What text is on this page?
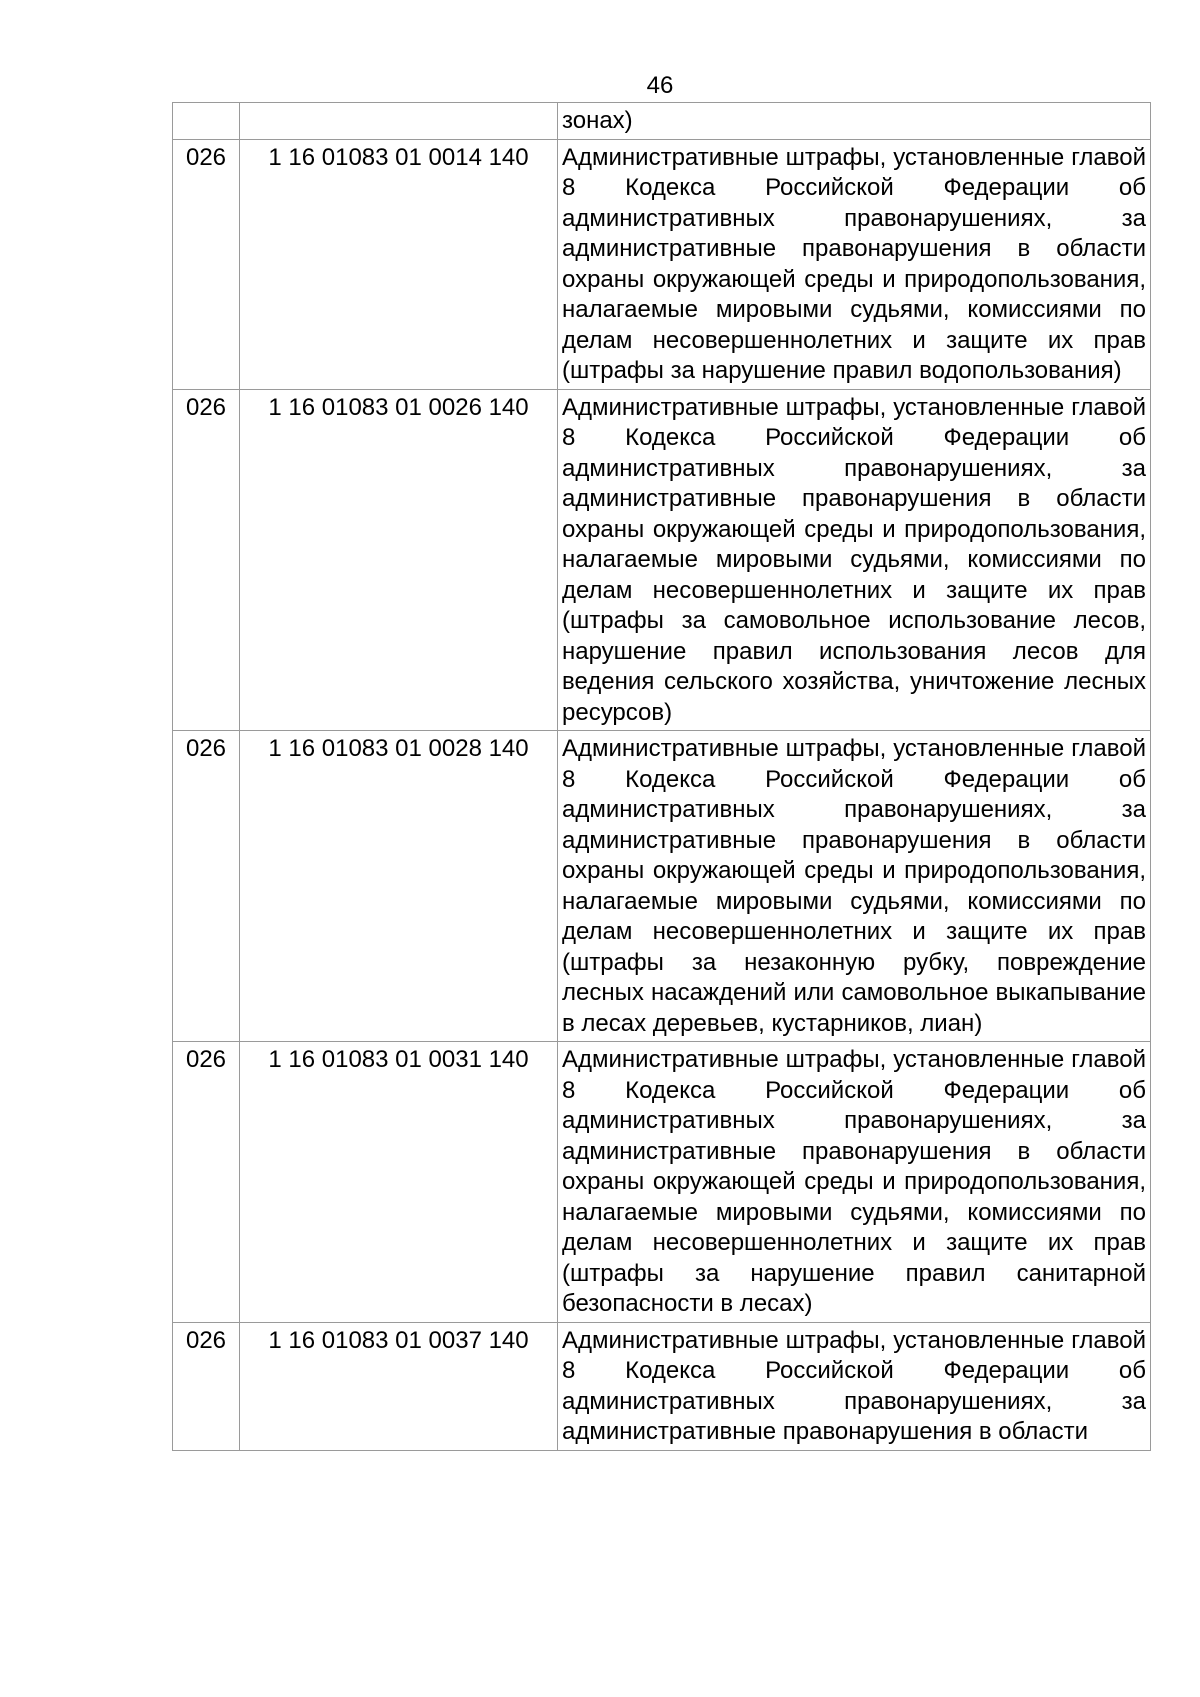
46
		зонах)
026	1 16 01083 01 0014 140	Административные штрафы, установленные главой 8 Кодекса Российской Федерации об административных правонарушениях, за административные правонарушения в области охраны окружающей среды и природопользования, налагаемые мировыми судьями, комиссиями по делам несовершеннолетних и защите их прав (штрафы за нарушение правил водопользования)
026	1 16 01083 01 0026 140	Административные штрафы, установленные главой 8 Кодекса Российской Федерации об административных правонарушениях, за административные правонарушения в области охраны окружающей среды и природопользования, налагаемые мировыми судьями, комиссиями по делам несовершеннолетних и защите их прав (штрафы за самовольное использование лесов, нарушение правил использования лесов для ведения сельского хозяйства, уничтожение лесных ресурсов)
026	1 16 01083 01 0028 140	Административные штрафы, установленные главой 8 Кодекса Российской Федерации об административных правонарушениях, за административные правонарушения в области охраны окружающей среды и природопользования, налагаемые мировыми судьями, комиссиями по делам несовершеннолетних и защите их прав (штрафы за незаконную рубку, повреждение лесных насаждений или самовольное выкапывание в лесах деревьев, кустарников, лиан)
026	1 16 01083 01 0031 140	Административные штрафы, установленные главой 8 Кодекса Российской Федерации об административных правонарушениях, за административные правонарушения в области охраны окружающей среды и природопользования, налагаемые мировыми судьями, комиссиями по делам несовершеннолетних и защите их прав (штрафы за нарушение правил санитарной безопасности в лесах)
026	1 16 01083 01 0037 140	Административные штрафы, установленные главой 8 Кодекса Российской Федерации об административных правонарушениях, за административные правонарушения в области
